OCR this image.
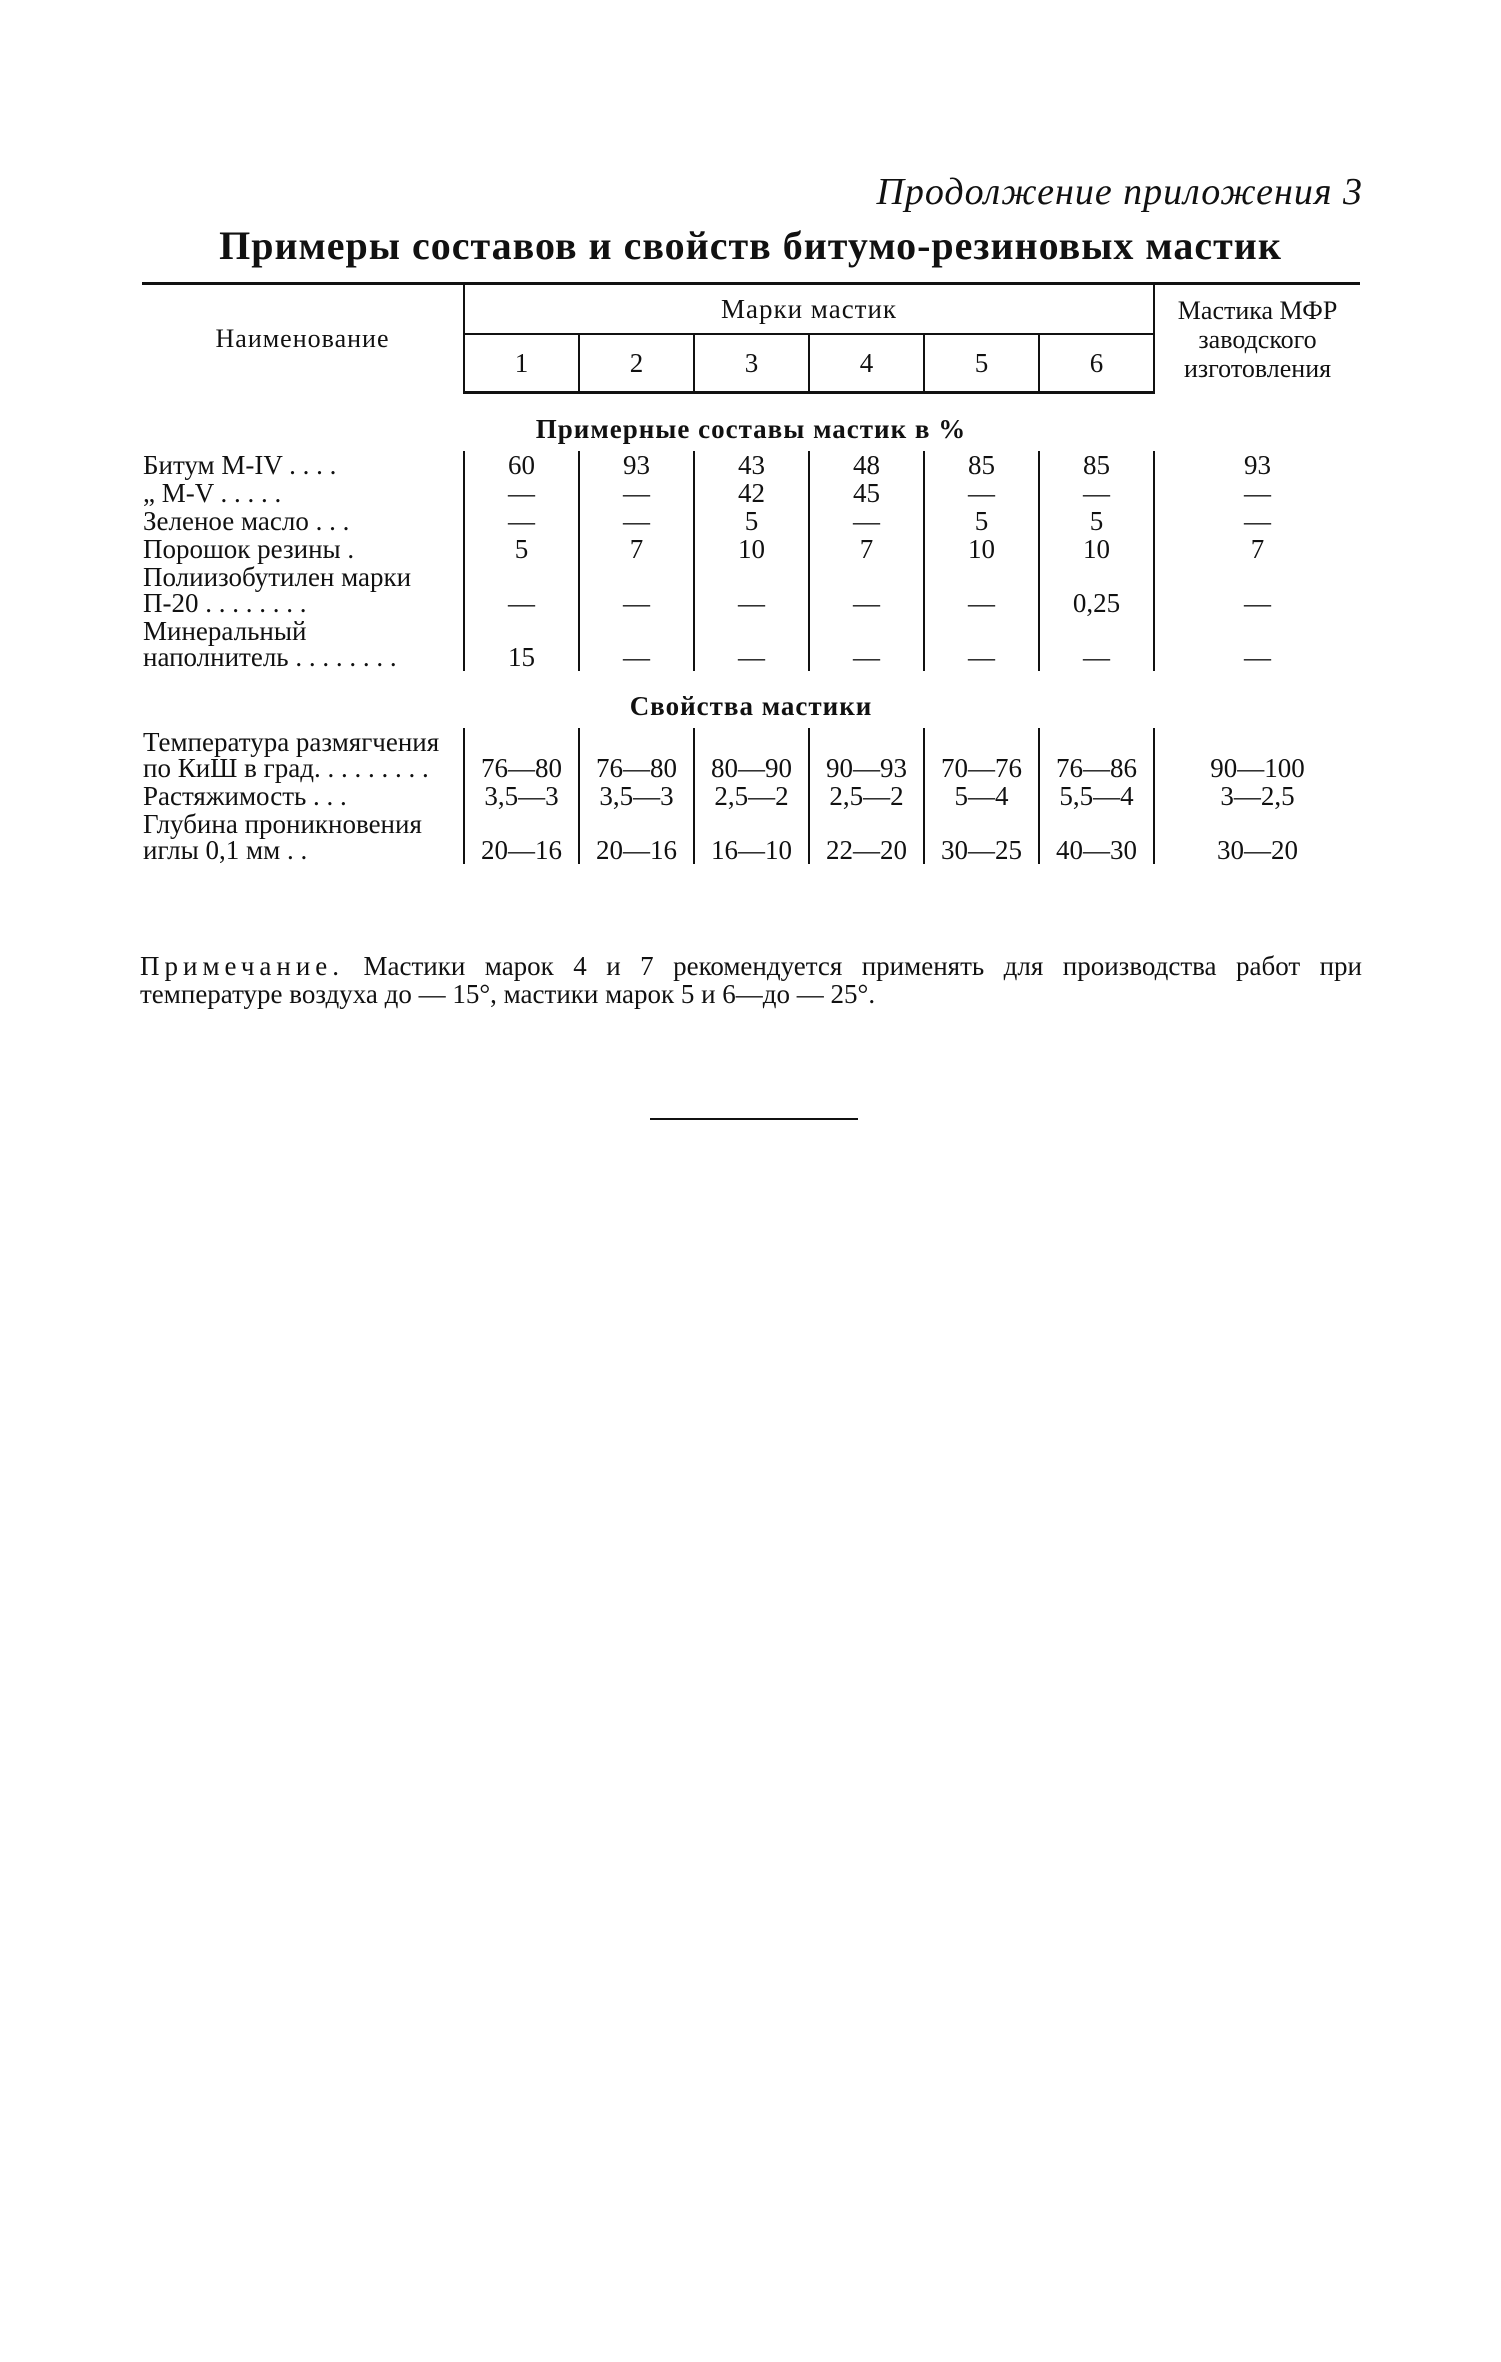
Продолжение приложения 3
Примеры составов и свойств битумо-резиновых мастик
Наименование	Марки мастик						Мастика МФР заводского изготовления
	1	2	3	4	5	6	
Примерные составы мастик в %							
Битум М-IV . . . .	60	93	43	48	85	85	93
„ М-V . . . . .	—	—	42	45	—	—	—
Зеленое масло . . .	—	—	5	—	5	5	—
Порошок резины .	5	7	10	7	10	10	7
Полиизобутилен марки П-20 . . . . . . . .	—	—	—	—	—	0,25	—
Минеральный наполнитель . . . . . . . .	15	—	—	—	—	—	—
Свойства мастики							
Температура размягчения по КиШ в град. . . . . . . . .	76—80	76—80	80—90	90—93	70—76	76—86	90—100
Растяжимость . . .	3,5—3	3,5—3	2,5—2	2,5—2	5—4	5,5—4	3—2,5
Глубина проникновения иглы 0,1 мм . .	20—16	20—16	16—10	22—20	30—25	40—30	30—20
Примечание. Мастики марок 4 и 7 рекомендуется применять для производства работ при температуре воздуха до — 15°, мастики марок 5 и 6—до — 25°.
